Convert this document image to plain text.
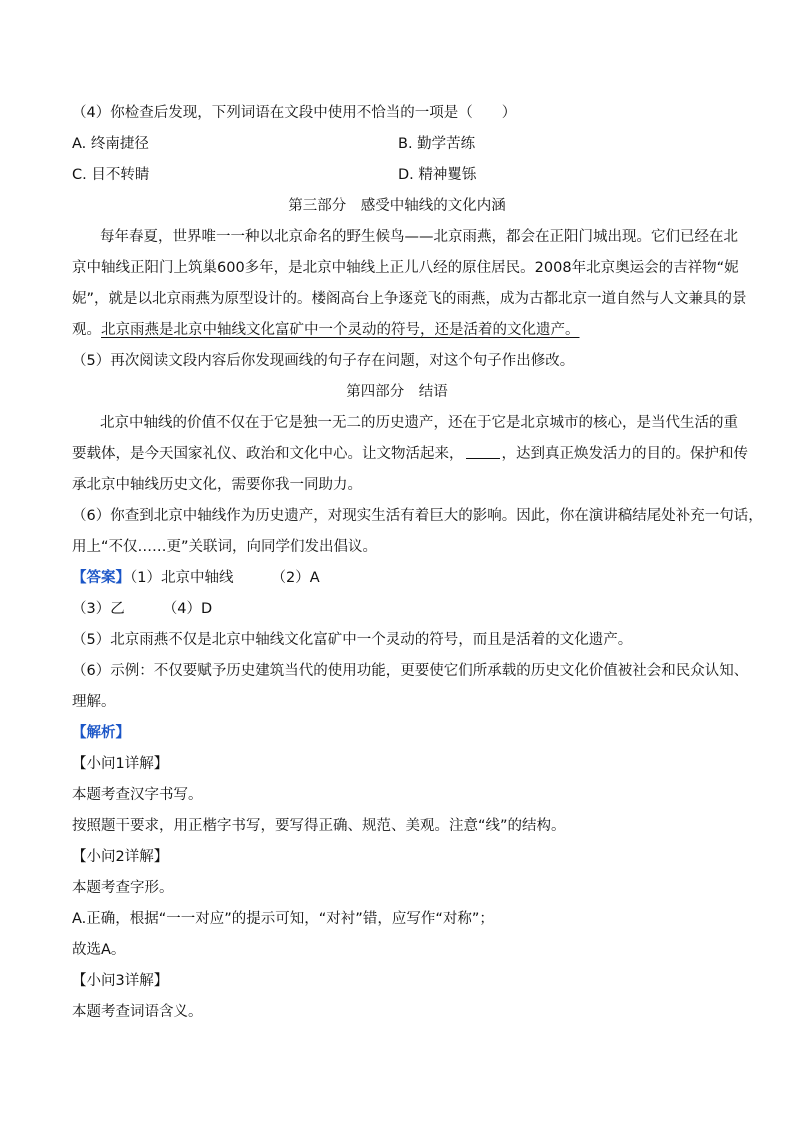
（4）你检查后发现，下列词语在文段中使用不恰当的一项是（　　）
A. 终南捷径	B. 勤学苦练
C. 目不转睛	D. 精神矍铄
第三部分　感受中轴线的文化内涵
每年春夏，世界唯一一种以北京命名的野生候鸟——北京雨燕，都会在正阳门城出现。它们已经在北
京中轴线正阳门上筑巢600多年，是北京中轴线上正儿八经的原住居民。2008年北京奥运会的吉祥物“妮
妮”，就是以北京雨燕为原型设计的。楼阁高台上争逐竞飞的雨燕，成为古都北京一道自然与人文兼具的景
观。北京雨燕是北京中轴线文化富矿中一个灵动的符号，还是活着的文化遗产。
（5）再次阅读文段内容后你发现画线的句子存在问题，对这个句子作出修改。
第四部分　结语
北京中轴线的价值不仅在于它是独一无二的历史遗产，还在于它是北京城市的核心，是当代生活的重
要载体，是今天国家礼仪、政治和文化中心。让文物活起来，	，达到真正焕发活力的目的。保护和传
承北京中轴线历史文化，需要你我一同助力。
（6）你查到北京中轴线作为历史遗产，对现实生活有着巨大的影响。因此，你在演讲稿结尾处补充一句话，
用上“不仅……更”关联词，向同学们发出倡议。
【答案】（1）北京中轴线	（2）A
（3）乙	（4）D
（5）北京雨燕不仅是北京中轴线文化富矿中一个灵动的符号，而且是活着的文化遗产。
（6）示例：不仅要赋予历史建筑当代的使用功能，更要使它们所承载的历史文化价值被社会和民众认知、
理解。
【解析】
【小问1详解】
本题考查汉字书写。
按照题干要求，用正楷字书写，要写得正确、规范、美观。注意“线”的结构。
【小问2详解】
本题考查字形。
A.正确，根据“一一对应”的提示可知，“对衬”错，应写作“对称”；
故选A。
【小问3详解】
本题考查词语含义。
